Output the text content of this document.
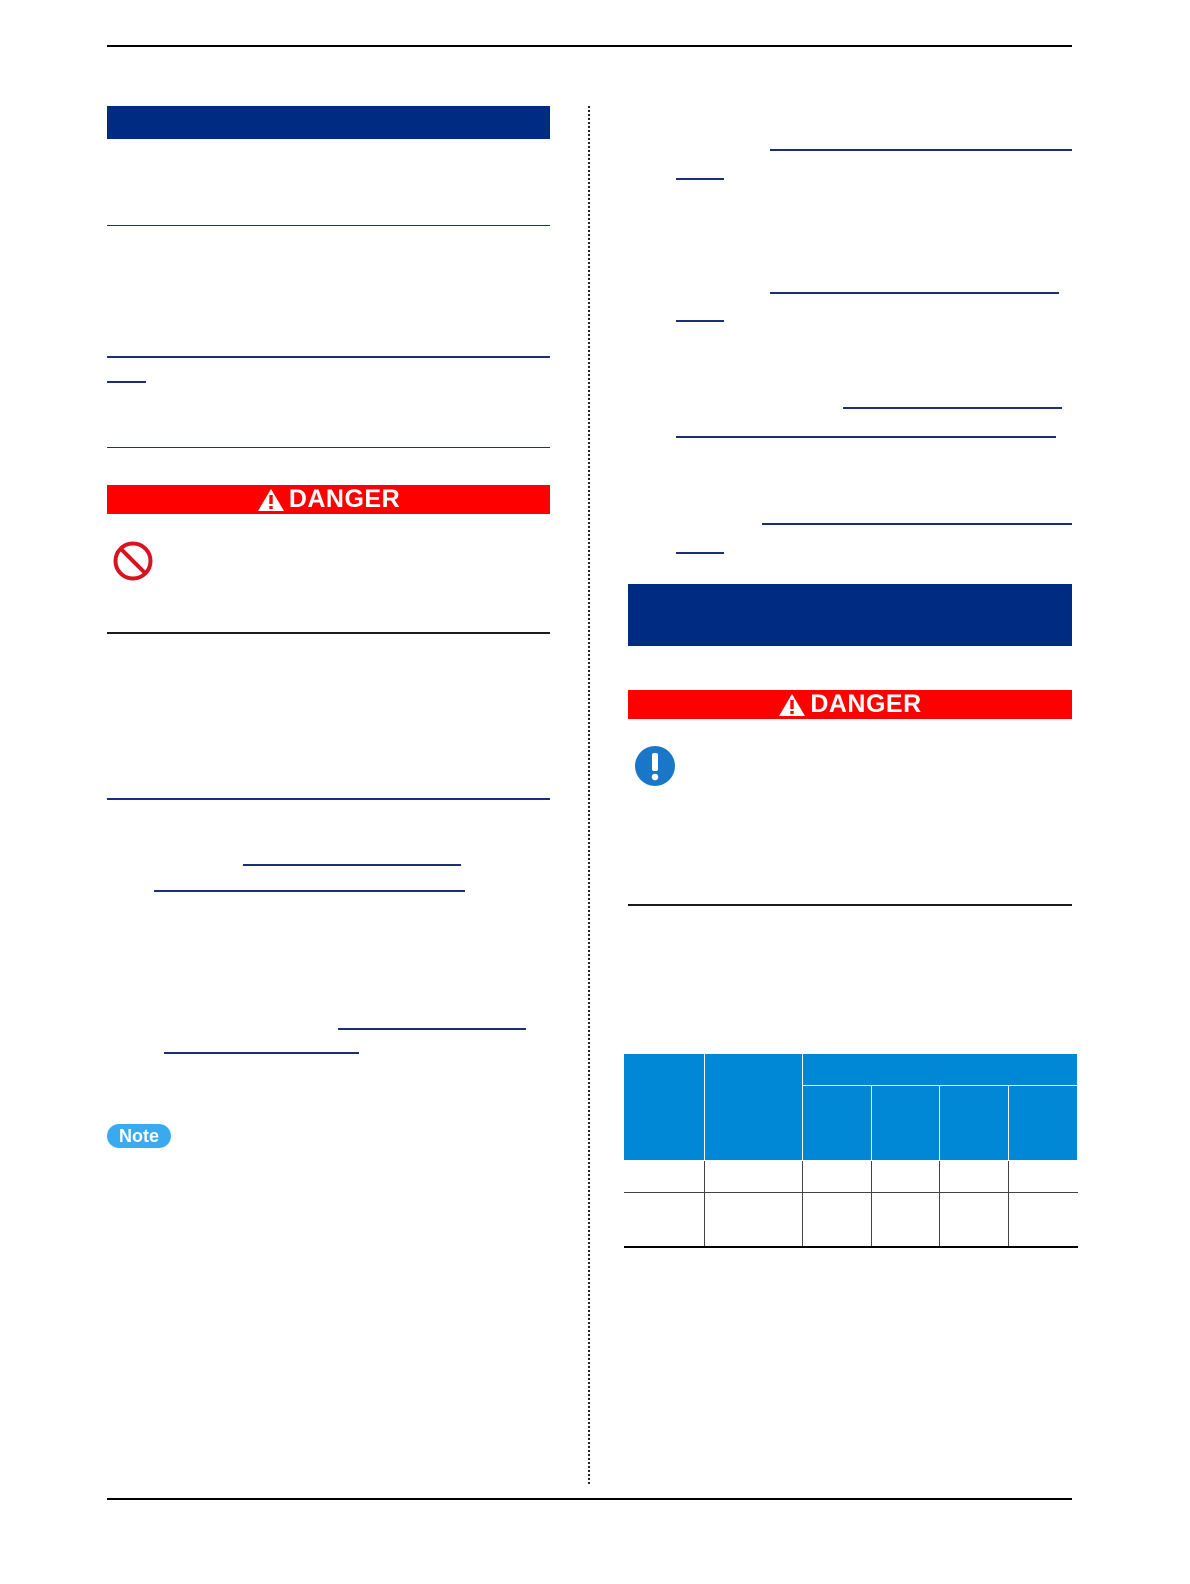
DANGER
Note
DANGER
